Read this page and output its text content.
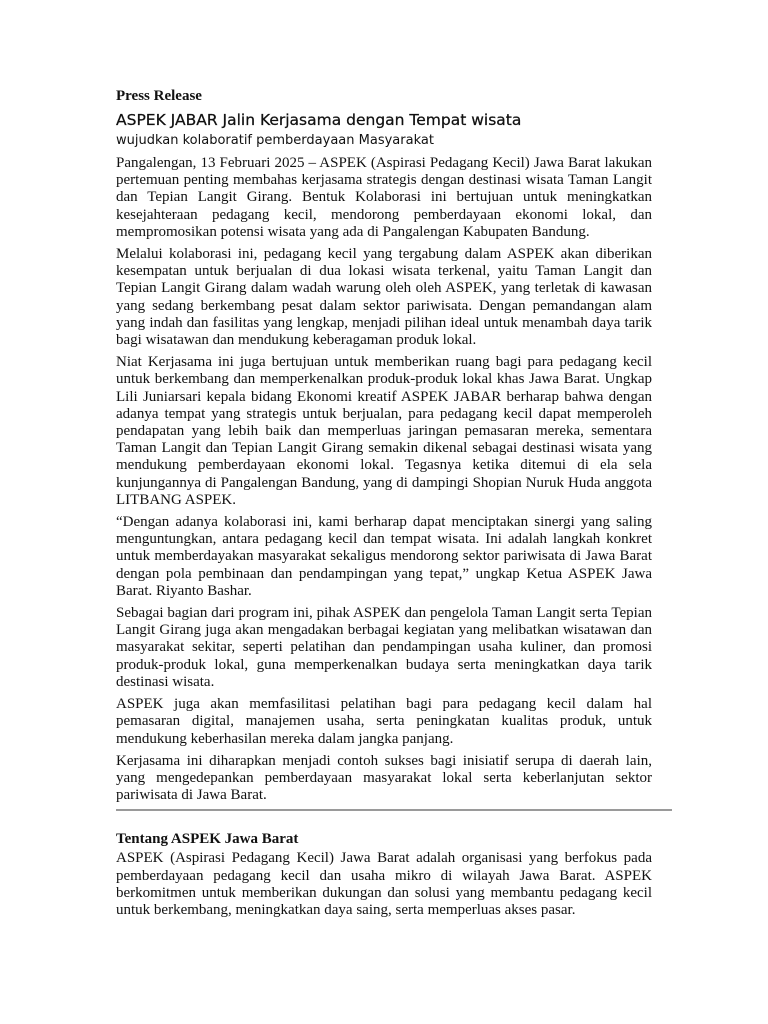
Press Release
ASPEK JABAR Jalin Kerjasama dengan Tempat wisata
wujudkan kolaboratif pemberdayaan Masyarakat

Pangalengan, 13 Februari 2025 – ASPEK (Aspirasi Pedagang Kecil) Jawa Barat lakukan pertemuan penting membahas kerjasama strategis dengan destinasi wisata Taman Langit dan Tepian Langit Girang. Bentuk Kolaborasi ini bertujuan untuk meningkatkan kesejahteraan pedagang kecil, mendorong pemberdayaan ekonomi lokal, dan mempromosikan potensi wisata yang ada di Pangalengan Kabupaten Bandung.

Melalui kolaborasi ini, pedagang kecil yang tergabung dalam ASPEK akan diberikan kesempatan untuk berjualan di dua lokasi wisata terkenal, yaitu Taman Langit dan Tepian Langit Girang dalam wadah warung oleh oleh ASPEK, yang terletak di kawasan yang sedang berkembang pesat dalam sektor pariwisata. Dengan pemandangan alam yang indah dan fasilitas yang lengkap, menjadi pilihan ideal untuk menambah daya tarik bagi wisatawan dan mendukung keberagaman produk lokal.

Niat Kerjasama ini juga bertujuan untuk memberikan ruang bagi para pedagang kecil untuk berkembang dan memperkenalkan produk-produk lokal khas Jawa Barat. Ungkap Lili Juniarsari kepala bidang Ekonomi kreatif ASPEK JABAR berharap bahwa dengan adanya tempat yang strategis untuk berjualan, para pedagang kecil dapat memperoleh pendapatan yang lebih baik dan memperluas jaringan pemasaran mereka, sementara Taman Langit dan Tepian Langit Girang semakin dikenal sebagai destinasi wisata yang mendukung pemberdayaan ekonomi lokal. Tegasnya ketika ditemui di ela sela kunjungannya di Pangalengan Bandung, yang di dampingi Shopian Nuruk Huda anggota LITBANG ASPEK.

“Dengan adanya kolaborasi ini, kami berharap dapat menciptakan sinergi yang saling menguntungkan, antara pedagang kecil dan tempat wisata. Ini adalah langkah konkret untuk memberdayakan masyarakat sekaligus mendorong sektor pariwisata di Jawa Barat dengan pola pembinaan dan pendampingan yang tepat,” ungkap Ketua ASPEK Jawa Barat. Riyanto Bashar.

Sebagai bagian dari program ini, pihak ASPEK dan pengelola Taman Langit serta Tepian Langit Girang juga akan mengadakan berbagai kegiatan yang melibatkan wisatawan dan masyarakat sekitar, seperti pelatihan dan pendampingan usaha kuliner, dan promosi produk-produk lokal, guna memperkenalkan budaya serta meningkatkan daya tarik destinasi wisata.

ASPEK juga akan memfasilitasi pelatihan bagi para pedagang kecil dalam hal pemasaran digital, manajemen usaha, serta peningkatan kualitas produk, untuk mendukung keberhasilan mereka dalam jangka panjang.

Kerjasama ini diharapkan menjadi contoh sukses bagi inisiatif serupa di daerah lain, yang mengedepankan pemberdayaan masyarakat lokal serta keberlanjutan sektor pariwisata di Jawa Barat.

Tentang ASPEK Jawa Barat

ASPEK (Aspirasi Pedagang Kecil) Jawa Barat adalah organisasi yang berfokus pada pemberdayaan pedagang kecil dan usaha mikro di wilayah Jawa Barat. ASPEK berkomitmen untuk memberikan dukungan dan solusi yang membantu pedagang kecil untuk berkembang, meningkatkan daya saing, serta memperluas akses pasar.
